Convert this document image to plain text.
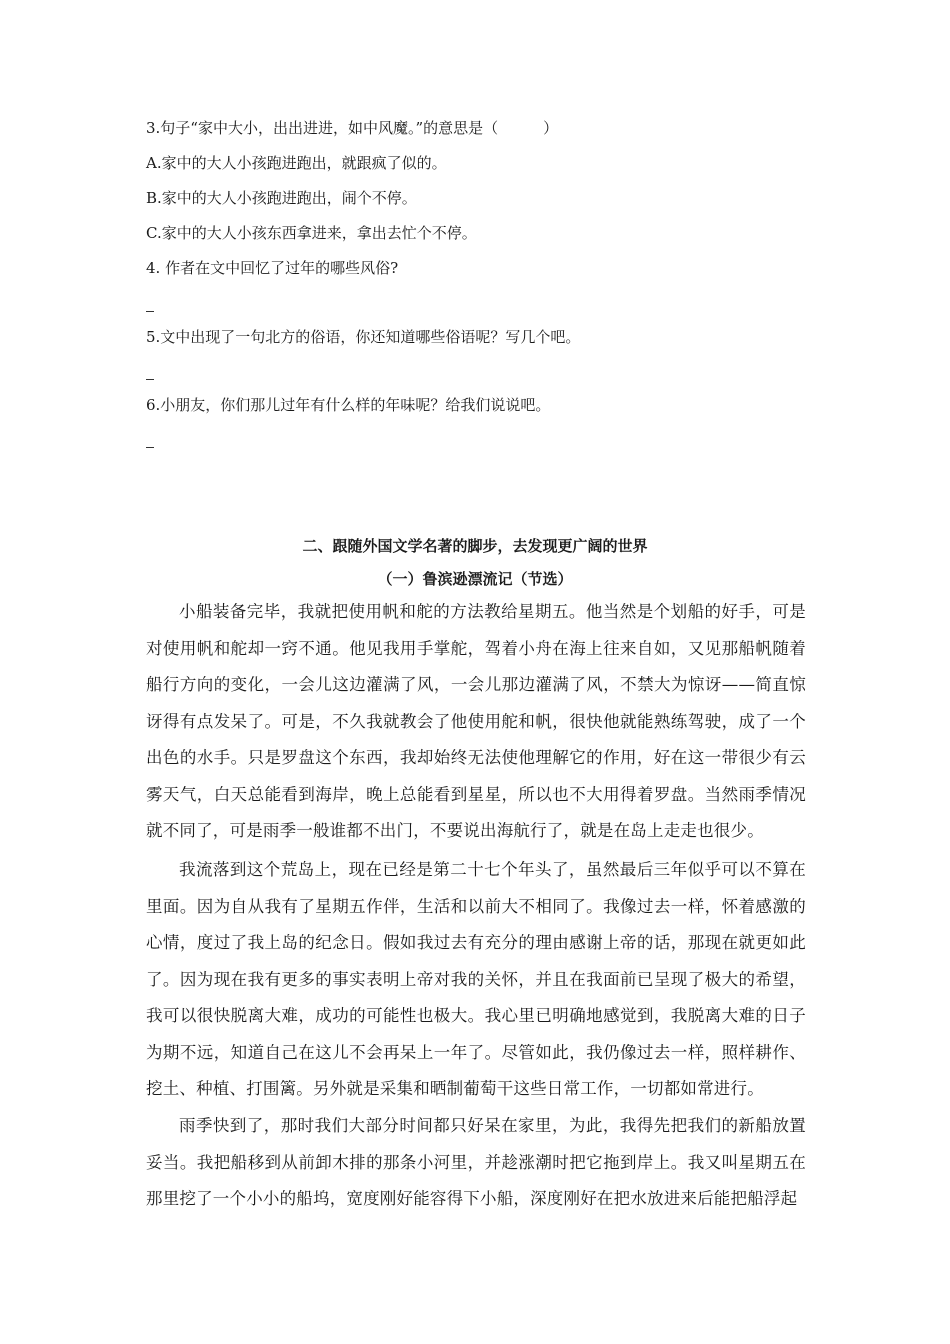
3.句子“家中大小，出出进进，如中风魔。”的意思是（　　　）
A.家中的大人小孩跑进跑出，就跟疯了似的。
B.家中的大人小孩跑进跑出，闹个不停。
C.家中的大人小孩东西拿进来，拿出去忙个不停。
4. 作者在文中回忆了过年的哪些风俗?
5.文中出现了一句北方的俗语，你还知道哪些俗语呢？写几个吧。
6.小朋友，你们那儿过年有什么样的年味呢？给我们说说吧。
二、跟随外国文学名著的脚步，去发现更广阔的世界
（一）鲁滨逊漂流记（节选）
小船装备完毕，我就把使用帆和舵的方法教给星期五。他当然是个划船的好手，可是对使用帆和舵却一窍不通。他见我用手掌舵，驾着小舟在海上往来自如，又见那船帆随着船行方向的变化，一会儿这边灌满了风，一会儿那边灌满了风，不禁大为惊讶——简直惊讶得有点发呆了。可是，不久我就教会了他使用舵和帆，很快他就能熟练驾驶，成了一个出色的水手。只是罗盘这个东西，我却始终无法使他理解它的作用，好在这一带很少有云雾天气，白天总能看到海岸，晚上总能看到星星，所以也不大用得着罗盘。当然雨季情况就不同了，可是雨季一般谁都不出门，不要说出海航行了，就是在岛上走走也很少。
我流落到这个荒岛上，现在已经是第二十七个年头了，虽然最后三年似乎可以不算在里面。因为自从我有了星期五作伴，生活和以前大不相同了。我像过去一样，怀着感激的心情，度过了我上岛的纪念日。假如我过去有充分的理由感谢上帝的话，那现在就更如此了。因为现在我有更多的事实表明上帝对我的关怀，并且在我面前已呈现了极大的希望，我可以很快脱离大难，成功的可能性也极大。我心里已明确地感觉到，我脱离大难的日子为期不远，知道自己在这儿不会再呆上一年了。尽管如此，我仍像过去一样，照样耕作、挖土、种植、打围篱。另外就是采集和晒制葡萄干这些日常工作，一切都如常进行。
雨季快到了，那时我们大部分时间都只好呆在家里，为此，我得先把我们的新船放置妥当。我把船移到从前卸木排的那条小河里，并趁涨潮时把它拖到岸上。我又叫星期五在那里挖了一个小小的船坞，宽度刚好能容得下小船，深度刚好在把水放进来后能把船浮起
